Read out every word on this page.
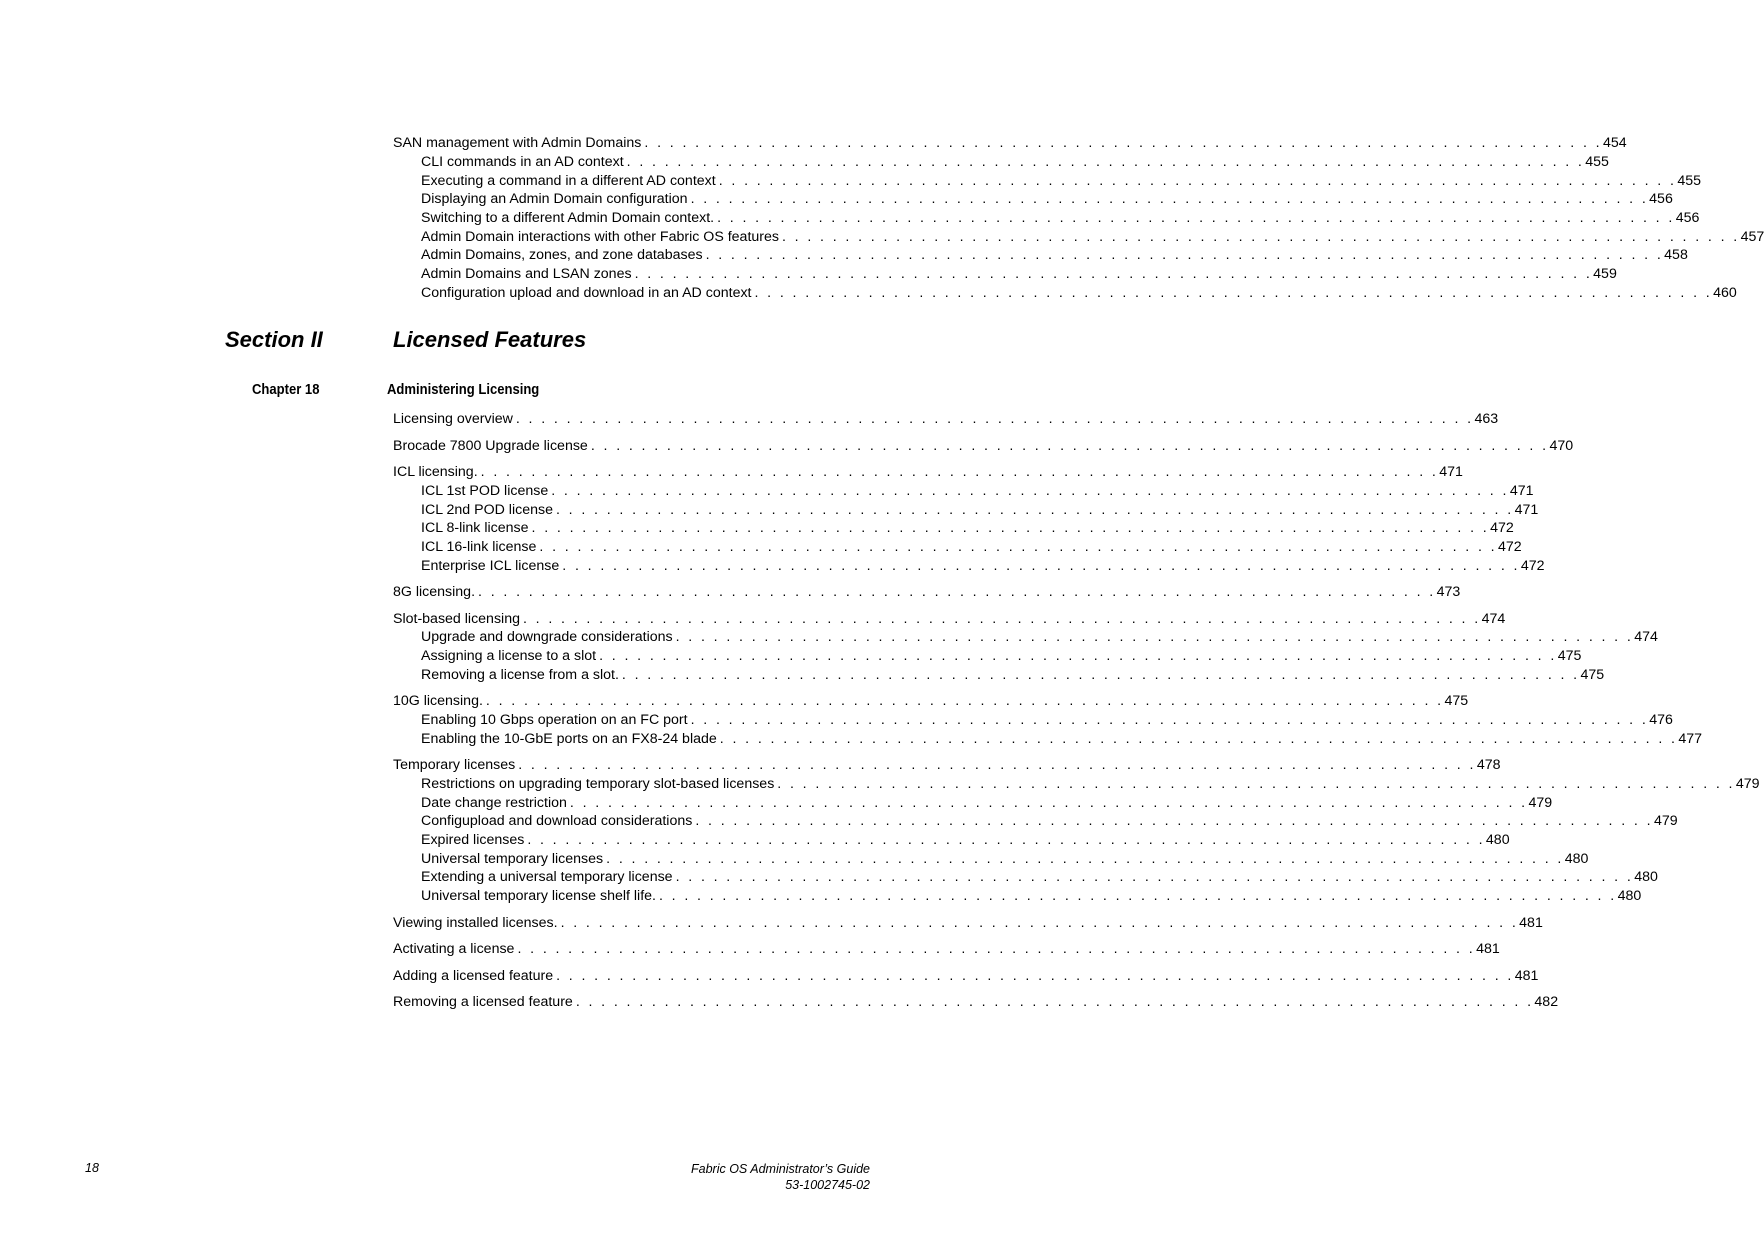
SAN management with Admin Domains . . . . . . . . . . . . . . . . . . . . . . . . . . . . . . . . . . . . . . . . . . . . . . . . . . . . . . . . . . . . . . . . . . . . . . . . . . . . 454
CLI commands in an AD context . . . . . . . . . . . . . . . . . . . . . . . . . . . . . . . . . . . . . . . . . . . . . . . . . . . . . . . . . . . . . . . . . . . . . . . . . . . . 455
Executing a command in a different AD context . . . . . . . . . . . . . . . . . . . . . . . . . . . . . . . . . . . . . . . . . . . . . . . . . . . . . . . . . . . . . . . . . . . . . . . . . . . . 455
Displaying an Admin Domain configuration . . . . . . . . . . . . . . . . . . . . . . . . . . . . . . . . . . . . . . . . . . . . . . . . . . . . . . . . . . . . . . . . . . . . . . . . . . . . 456
Switching to a different Admin Domain context. . . . . . . . . . . . . . . . . . . . . . . . . . . . . . . . . . . . . . . . . . . . . . . . . . . . . . . . . . . . . . . . . . . . . . . . . . . . . 456
Admin Domain interactions with other Fabric OS features . . . . . . . . . . . . . . . . . . . . . . . . . . . . . . . . . . . . . . . . . . . . . . . . . . . . . . . . . . . . . . . . . . . . . . . . . . . . 457
Admin Domains, zones, and zone databases . . . . . . . . . . . . . . . . . . . . . . . . . . . . . . . . . . . . . . . . . . . . . . . . . . . . . . . . . . . . . . . . . . . . . . . . . . . . 458
Admin Domains and LSAN zones . . . . . . . . . . . . . . . . . . . . . . . . . . . . . . . . . . . . . . . . . . . . . . . . . . . . . . . . . . . . . . . . . . . . . . . . . . . . 459
Configuration upload and download in an AD context . . . . . . . . . . . . . . . . . . . . . . . . . . . . . . . . . . . . . . . . . . . . . . . . . . . . . . . . . . . . . . . . . . . . . . . . . . . . 460
Section II	Licensed Features
Chapter 18	Administering Licensing
Licensing overview . . . . . . . . . . . . . . . . . . . . . . . . . . . . . . . . . . . . . . . . . . . . . . . . . . . . . . . . . . . . . . . . . . . . . . . . . . . . 463
Brocade 7800 Upgrade license . . . . . . . . . . . . . . . . . . . . . . . . . . . . . . . . . . . . . . . . . . . . . . . . . . . . . . . . . . . . . . . . . . . . . . . . . . . . 470
ICL licensing. . . . . . . . . . . . . . . . . . . . . . . . . . . . . . . . . . . . . . . . . . . . . . . . . . . . . . . . . . . . . . . . . . . . . . . . . . . . . 471
ICL 1st POD license . . . . . . . . . . . . . . . . . . . . . . . . . . . . . . . . . . . . . . . . . . . . . . . . . . . . . . . . . . . . . . . . . . . . . . . . . . . . 471
ICL 2nd POD license . . . . . . . . . . . . . . . . . . . . . . . . . . . . . . . . . . . . . . . . . . . . . . . . . . . . . . . . . . . . . . . . . . . . . . . . . . . . 471
ICL 8-link license . . . . . . . . . . . . . . . . . . . . . . . . . . . . . . . . . . . . . . . . . . . . . . . . . . . . . . . . . . . . . . . . . . . . . . . . . . . . 472
ICL 16-link license . . . . . . . . . . . . . . . . . . . . . . . . . . . . . . . . . . . . . . . . . . . . . . . . . . . . . . . . . . . . . . . . . . . . . . . . . . . . 472
Enterprise ICL license . . . . . . . . . . . . . . . . . . . . . . . . . . . . . . . . . . . . . . . . . . . . . . . . . . . . . . . . . . . . . . . . . . . . . . . . . . . . 472
8G licensing. . . . . . . . . . . . . . . . . . . . . . . . . . . . . . . . . . . . . . . . . . . . . . . . . . . . . . . . . . . . . . . . . . . . . . . . . . . . . 473
Slot-based licensing . . . . . . . . . . . . . . . . . . . . . . . . . . . . . . . . . . . . . . . . . . . . . . . . . . . . . . . . . . . . . . . . . . . . . . . . . . . . 474
Upgrade and downgrade considerations . . . . . . . . . . . . . . . . . . . . . . . . . . . . . . . . . . . . . . . . . . . . . . . . . . . . . . . . . . . . . . . . . . . . . . . . . . . . 474
Assigning a license to a slot . . . . . . . . . . . . . . . . . . . . . . . . . . . . . . . . . . . . . . . . . . . . . . . . . . . . . . . . . . . . . . . . . . . . . . . . . . . . 475
Removing a license from a slot. . . . . . . . . . . . . . . . . . . . . . . . . . . . . . . . . . . . . . . . . . . . . . . . . . . . . . . . . . . . . . . . . . . . . . . . . . . . . 475
10G licensing. . . . . . . . . . . . . . . . . . . . . . . . . . . . . . . . . . . . . . . . . . . . . . . . . . . . . . . . . . . . . . . . . . . . . . . . . . . . . 475
Enabling 10 Gbps operation on an FC port . . . . . . . . . . . . . . . . . . . . . . . . . . . . . . . . . . . . . . . . . . . . . . . . . . . . . . . . . . . . . . . . . . . . . . . . . . . . 476
Enabling the 10-GbE ports on an FX8-24 blade . . . . . . . . . . . . . . . . . . . . . . . . . . . . . . . . . . . . . . . . . . . . . . . . . . . . . . . . . . . . . . . . . . . . . . . . . . . . 477
Temporary licenses . . . . . . . . . . . . . . . . . . . . . . . . . . . . . . . . . . . . . . . . . . . . . . . . . . . . . . . . . . . . . . . . . . . . . . . . . . . . 478
Restrictions on upgrading temporary slot-based licenses . . . . . . . . . . . . . . . . . . . . . . . . . . . . . . . . . . . . . . . . . . . . . . . . . . . . . . . . . . . . . . . . . . . . . . . . . . . . 479
Date change restriction . . . . . . . . . . . . . . . . . . . . . . . . . . . . . . . . . . . . . . . . . . . . . . . . . . . . . . . . . . . . . . . . . . . . . . . . . . . . 479
Configupload and download considerations . . . . . . . . . . . . . . . . . . . . . . . . . . . . . . . . . . . . . . . . . . . . . . . . . . . . . . . . . . . . . . . . . . . . . . . . . . . . 479
Expired licenses . . . . . . . . . . . . . . . . . . . . . . . . . . . . . . . . . . . . . . . . . . . . . . . . . . . . . . . . . . . . . . . . . . . . . . . . . . . . 480
Universal temporary licenses . . . . . . . . . . . . . . . . . . . . . . . . . . . . . . . . . . . . . . . . . . . . . . . . . . . . . . . . . . . . . . . . . . . . . . . . . . . . 480
Extending a universal temporary license . . . . . . . . . . . . . . . . . . . . . . . . . . . . . . . . . . . . . . . . . . . . . . . . . . . . . . . . . . . . . . . . . . . . . . . . . . . . 480
Universal temporary license shelf life. . . . . . . . . . . . . . . . . . . . . . . . . . . . . . . . . . . . . . . . . . . . . . . . . . . . . . . . . . . . . . . . . . . . . . . . . . . . . 480
Viewing installed licenses. . . . . . . . . . . . . . . . . . . . . . . . . . . . . . . . . . . . . . . . . . . . . . . . . . . . . . . . . . . . . . . . . . . . . . . . . . . . . 481
Activating a license . . . . . . . . . . . . . . . . . . . . . . . . . . . . . . . . . . . . . . . . . . . . . . . . . . . . . . . . . . . . . . . . . . . . . . . . . . . . 481
Adding a licensed feature . . . . . . . . . . . . . . . . . . . . . . . . . . . . . . . . . . . . . . . . . . . . . . . . . . . . . . . . . . . . . . . . . . . . . . . . . . . . 481
Removing a licensed feature . . . . . . . . . . . . . . . . . . . . . . . . . . . . . . . . . . . . . . . . . . . . . . . . . . . . . . . . . . . . . . . . . . . . . . . . . . . . 482
18	Fabric OS Administrator’s Guide
53-1002745-02
